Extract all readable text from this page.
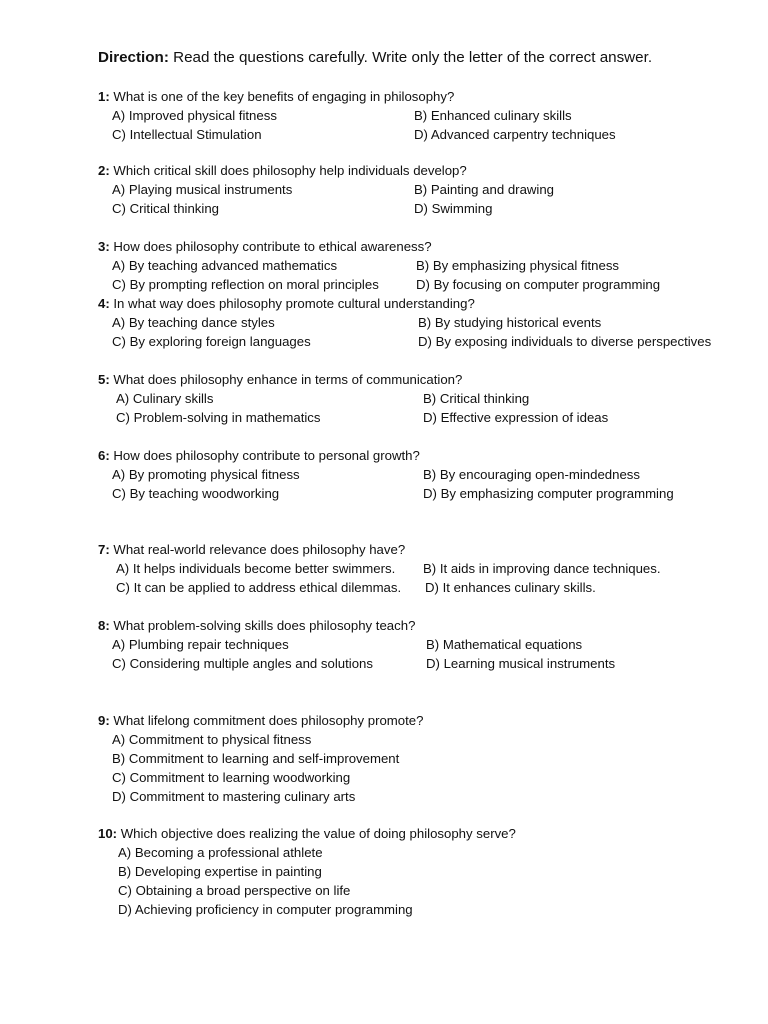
Direction: Read the questions carefully. Write only the letter of the correct answer.
1: What is one of the key benefits of engaging in philosophy?
A) Improved physical fitness	B) Enhanced culinary skills
C) Intellectual Stimulation	D) Advanced carpentry techniques
2: Which critical skill does philosophy help individuals develop?
A) Playing musical instruments	B) Painting and drawing
C) Critical thinking	D) Swimming
3: How does philosophy contribute to ethical awareness?
A) By teaching advanced mathematics	B) By emphasizing physical fitness
C) By prompting reflection on moral principles	D) By focusing on computer programming
4: In what way does philosophy promote cultural understanding?
A) By teaching dance styles	B) By studying historical events
C) By exploring foreign languages	D) By exposing individuals to diverse perspectives
5: What does philosophy enhance in terms of communication?
A) Culinary skills	B) Critical thinking
C) Problem-solving in mathematics	D) Effective expression of ideas
6: How does philosophy contribute to personal growth?
A) By promoting physical fitness	B) By encouraging open-mindedness
C) By teaching woodworking	D) By emphasizing computer programming
7: What real-world relevance does philosophy have?
A) It helps individuals become better swimmers. B) It aids in improving dance techniques.
C) It can be applied to address ethical dilemmas. D) It enhances culinary skills.
8: What problem-solving skills does philosophy teach?
A) Plumbing repair techniques	B) Mathematical equations
C) Considering multiple angles and solutions	D) Learning musical instruments
9: What lifelong commitment does philosophy promote?
A) Commitment to physical fitness
B) Commitment to learning and self-improvement
C) Commitment to learning woodworking
D) Commitment to mastering culinary arts
10: Which objective does realizing the value of doing philosophy serve?
A) Becoming a professional athlete
B) Developing expertise in painting
C) Obtaining a broad perspective on life
D) Achieving proficiency in computer programming
